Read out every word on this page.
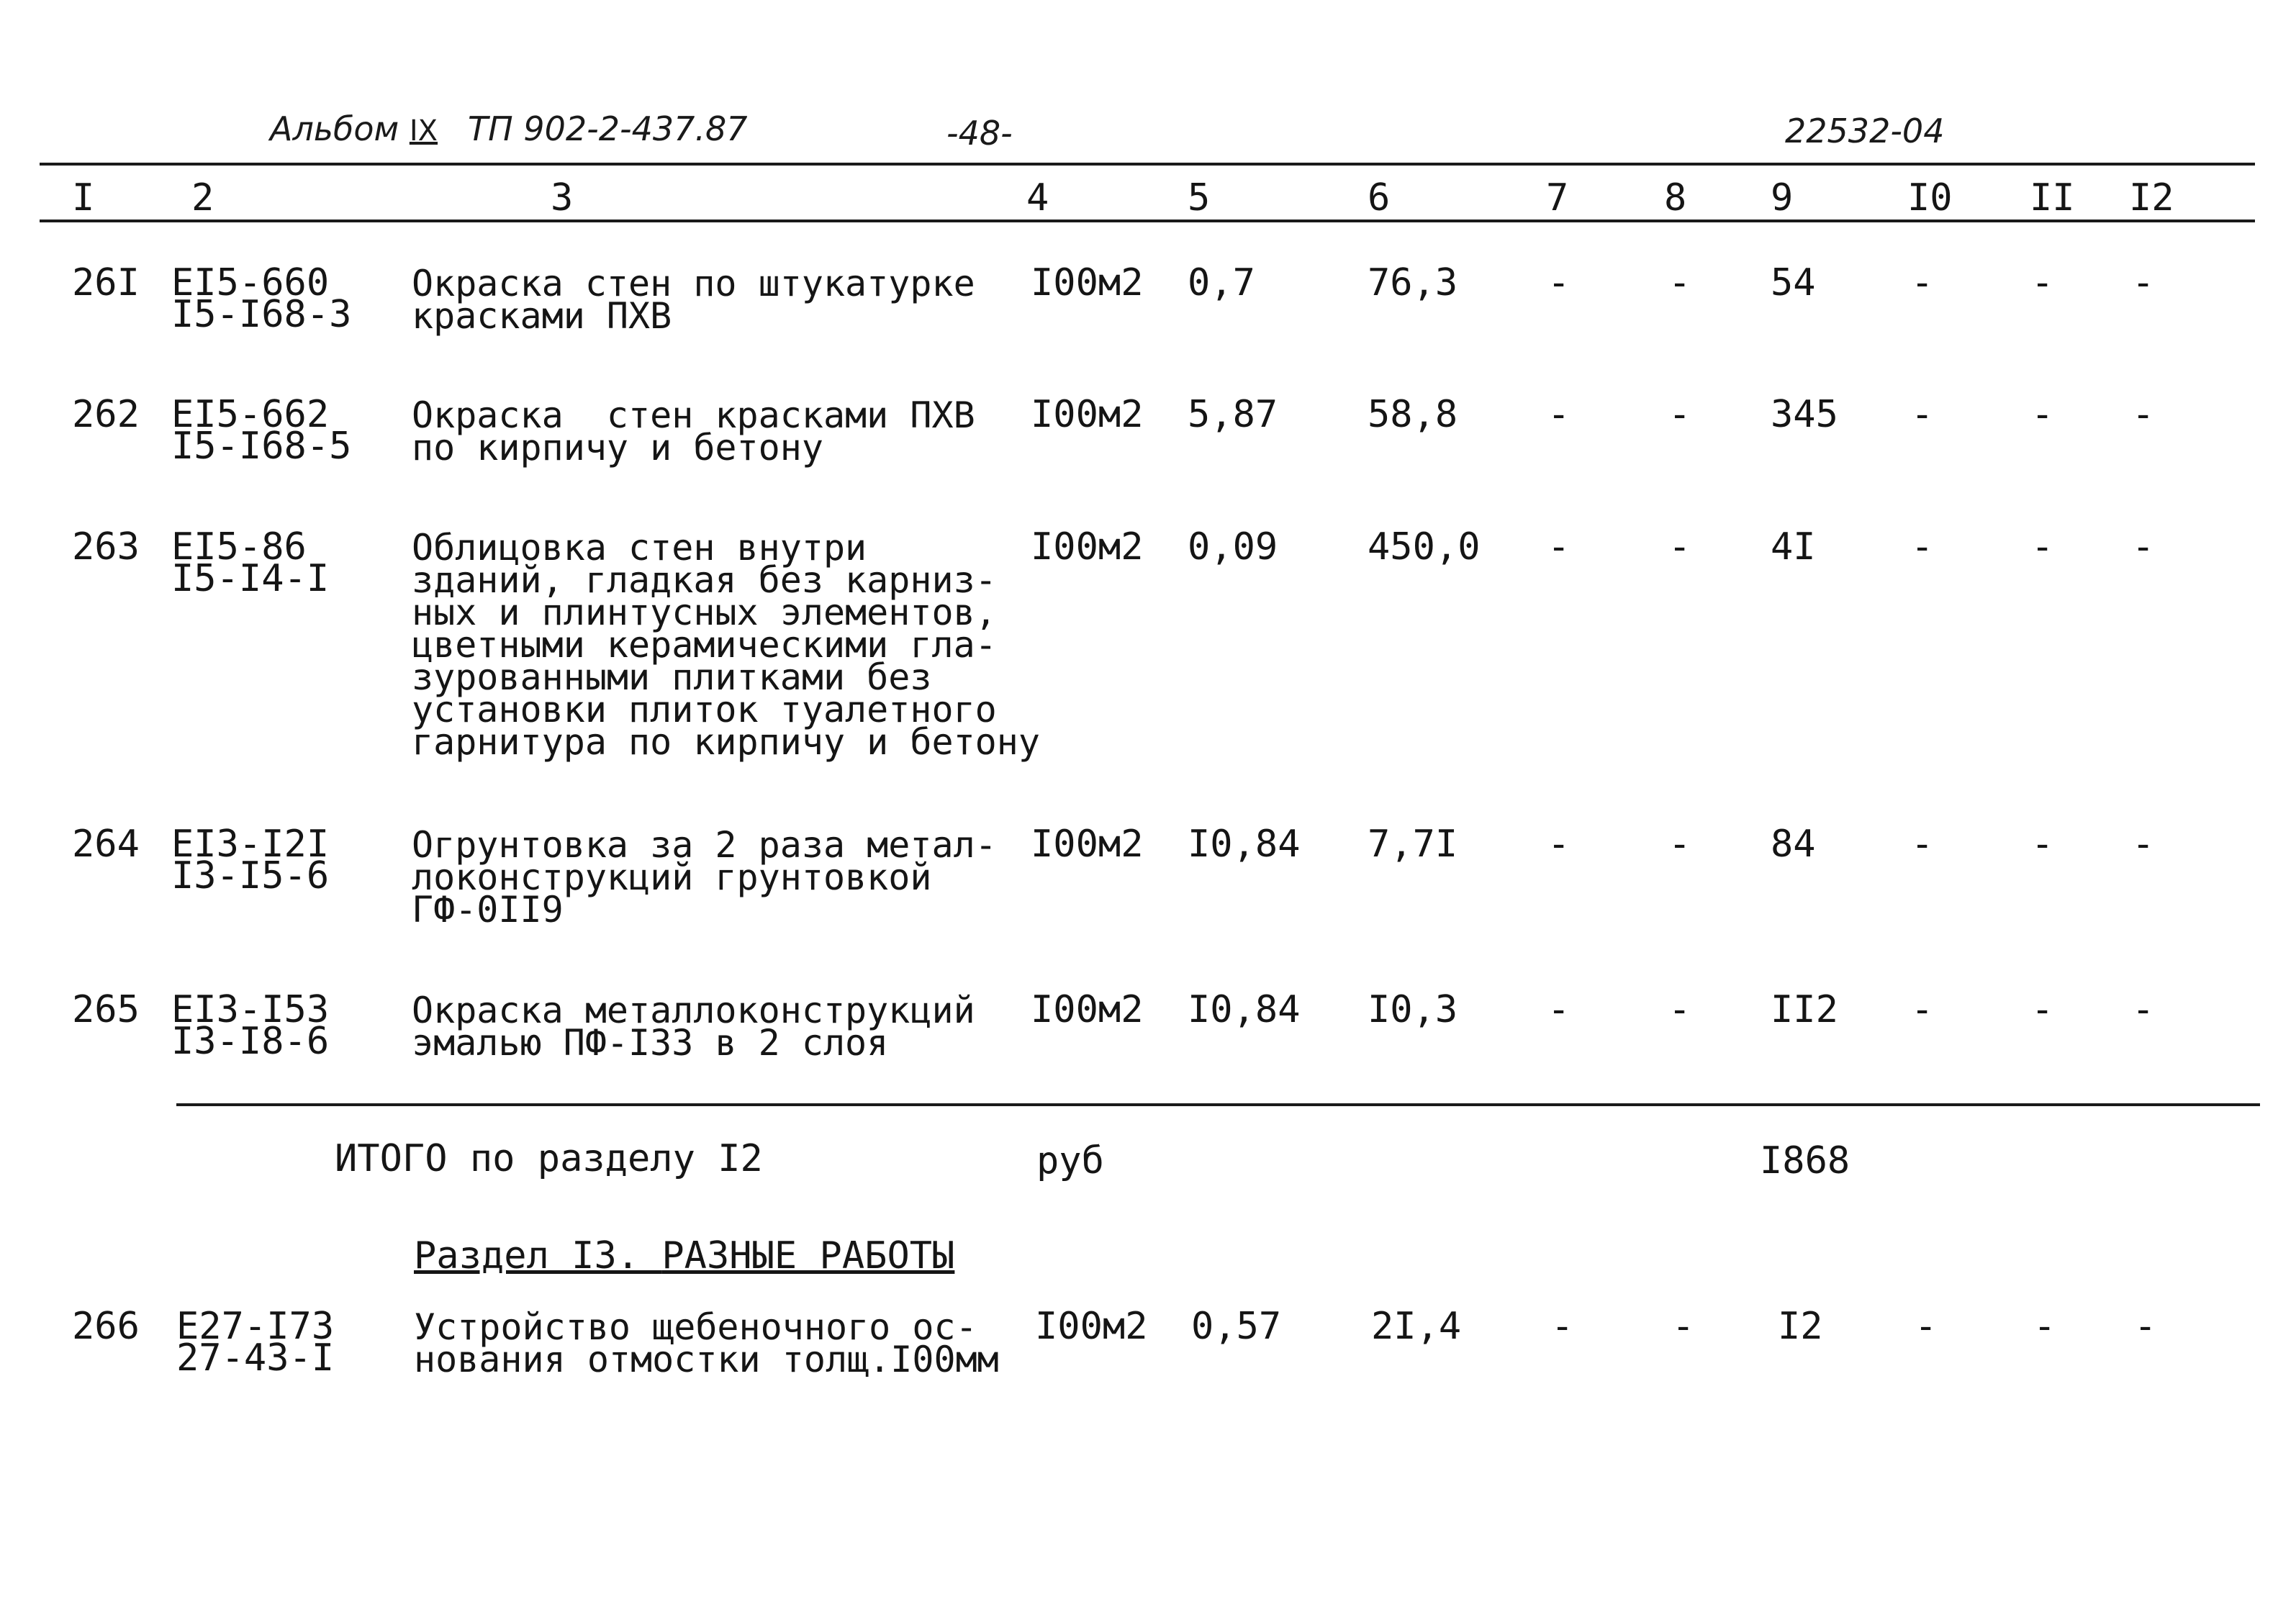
Альбом IX ТП 902-2-437.87	-48-	22532-04
I	2	3	4	5	6	7	8 9	I0 II I2
26I EI5-660
I5-I68-3
Окраска стен по штукатурке
красками ПХВ
I00м2 0,7	76,3 -	- 54	-	- -
262 EI5-662
I5-I68-5
Окраска  стен красками ПХВ
по кирпичу и бетону
I00м2 5,87 58,8 -	- 345 -	- -
263 EI5-86
I5-I4-I
Облицовка стен внутри
зданий, гладкая без карниз-
ных и плинтусных элементов,
цветными керамическими гла-
зурованными плитками без
установки плиток туалетного
гарнитура по кирпичу и бетону
I00м2 0,09 450,0 -	- 4I	-	- -
264 EI3-I2I
I3-I5-6
Огрунтовка за 2 раза метал-
локонструкций грунтовкой
ГФ-0II9
I00м2 I0,84 7,7I -	- 84	-	- -
265 EI3-I53
I3-I8-6
Окраска металлоконструкций
эмалью ПФ-I33 в 2 слоя
I00м2 I0,84 I0,3 -	- II2 -	- -
ИТОГО по разделу I2	руб	I868
Раздел I3. РАЗНЫЕ РАБОТЫ
266 E27-I73
27-43-I
Устройство щебеночного ос-
нования отмостки толщ.I00мм
I00м2 0,57 2I,4 -	- I2 -	- -
